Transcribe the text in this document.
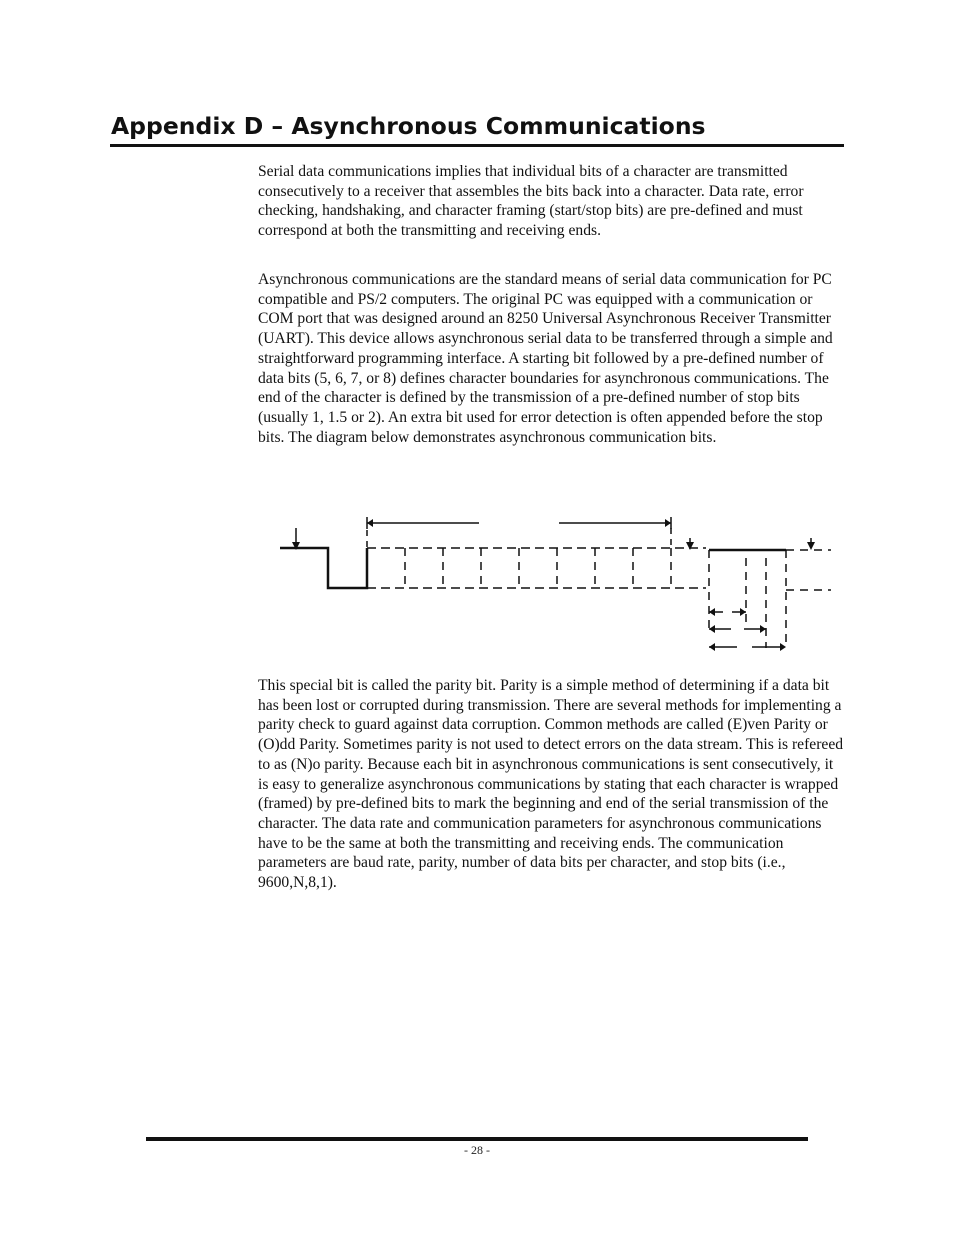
Appendix D – Asynchronous Communications

Serial data communications implies that individual bits of a character are transmitted consecutively to a receiver that assembles the bits back into a character. Data rate, error checking, handshaking, and character framing (start/stop bits) are pre-defined and must correspond at both the transmitting and receiving ends.

Asynchronous communications are the standard means of serial data communication for PC compatible and PS/2 computers. The original PC was equipped with a communication or COM port that was designed around an 8250 Universal Asynchronous Receiver Transmitter (UART). This device allows asynchronous serial data to be transferred through a simple and straightforward programming interface. A starting bit followed by a pre-defined number of data bits (5, 6, 7, or 8) defines character boundaries for asynchronous communications. The end of the character is defined by the transmission of a pre-defined number of stop bits (usually 1, 1.5 or 2). An extra bit used for error detection is often appended before the stop bits. The diagram below demonstrates asynchronous communication bits.

This special bit is called the parity bit. Parity is a simple method of determining if a data bit has been lost or corrupted during transmission. There are several methods for implementing a parity check to guard against data corruption. Common methods are called (E)ven Parity or (O)dd Parity. Sometimes parity is not used to detect errors on the data stream. This is refereed to as (N)o parity. Because each bit in asynchronous communications is sent consecutively, it is easy to generalize asynchronous communications by stating that each character is wrapped (framed) by pre-defined bits to mark the beginning and end of the serial transmission of the character. The data rate and communication parameters for asynchronous communications have to be the same at both the transmitting and receiving ends. The communication parameters are baud rate, parity, number of data bits per character, and stop bits (i.e., 9600,N,8,1).

- 28 -
